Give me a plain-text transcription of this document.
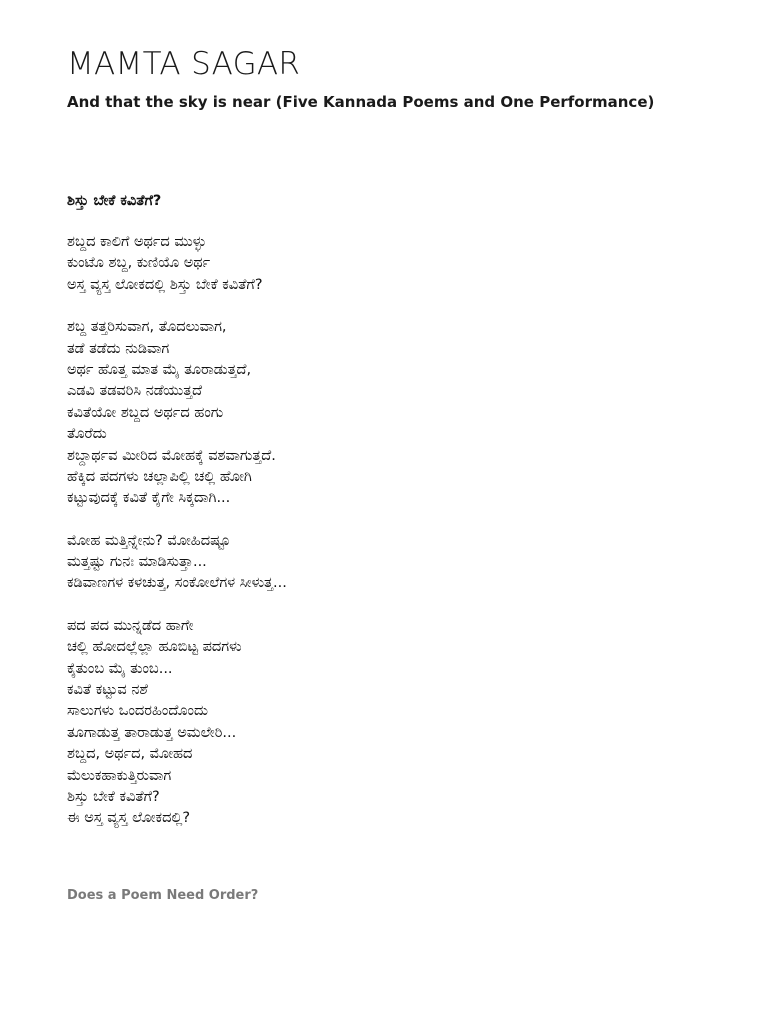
MAMTA SAGAR
And that the sky is near (Five Kannada Poems and One Performance)
ಶಿಸ್ತು ಬೇಕೆ ಕವಿತೆಗೆ?
ಶಬ್ದದ ಕಾಲಿಗೆ ಅರ್ಥದ ಮುಳ್ಳು
ಕುಂಟೊ ಶಬ್ದ, ಕುಣಿಯೊ ಅರ್ಥ
ಅಸ್ತ ವ್ಯಸ್ತ ಲೋಕದಲ್ಲಿ ಶಿಸ್ತು ಬೇಕೆ ಕವಿತೆಗೆ?
ಶಬ್ದ ತತ್ತರಿಸುವಾಗ, ತೊದಲುವಾಗ,
ತಡೆ ತಡೆದು ನುಡಿವಾಗ
ಅರ್ಥ ಹೊತ್ತ ಮಾತ ಮೈ ತೂರಾಡುತ್ತದೆ,
ಎಡವಿ ತಡವರಿಸಿ ನಡೆಯುತ್ತದೆ
ಕವಿತೆಯೋ ಶಬ್ದದ ಅರ್ಥದ ಹಂಗು
ತೊರೆದು
ಶಬ್ದಾರ್ಥವ ಮೀರಿದ ಮೋಹಕ್ಕೆ ವಶವಾಗುತ್ತದೆ.
ಹೆಕ್ಕಿದ ಪದಗಳು ಚಲ್ಲಾಪಿಲ್ಲಿ ಚಲ್ಲಿ ಹೋಗಿ
ಕಟ್ಟುವುದಕ್ಕೆ ಕವಿತೆ ಕೈಗೇ ಸಿಕ್ಕದಾಗಿ...
ಮೋಹ ಮತ್ತಿನ್ನೇನು? ಮೋಹಿದಷ್ಟೂ
ಮತ್ತಷ್ಟು ಗುನಃ ಮಾಡಿಸುತ್ತಾ...
ಕಡಿವಾಣಗಳ ಕಳಚುತ್ತ, ಸಂಕೋಲೆಗಳ ಸೀಳುತ್ತ...
ಪದ ಪದ ಮುನ್ನಡೆದ ಹಾಗೇ
ಚಲ್ಲಿ ಹೋದಲ್ಲೆಲ್ಲಾ ಹೂಬಿಟ್ಟ ಪದಗಳು
ಕೈತುಂಬ ಮೈ ತುಂಬ...
ಕವಿತೆ ಕಟ್ಟುವ ನಶೆ
ಸಾಲುಗಳು ಒಂದರಹಿಂದೊಂದು
ತೂಗಾಡುತ್ತ ತಾರಾಡುತ್ತ ಅಮಲೇರಿ...
ಶಬ್ದದ, ಅರ್ಥದ, ಮೋಹದ
ಮೆಲುಕಹಾಕುತ್ತಿರುವಾಗ
ಶಿಸ್ತು ಬೇಕೆ ಕವಿತೆಗೆ?
ಈ ಅಸ್ತ ವ್ಯಸ್ತ ಲೋಕದಲ್ಲಿ?
Does a Poem Need Order?
